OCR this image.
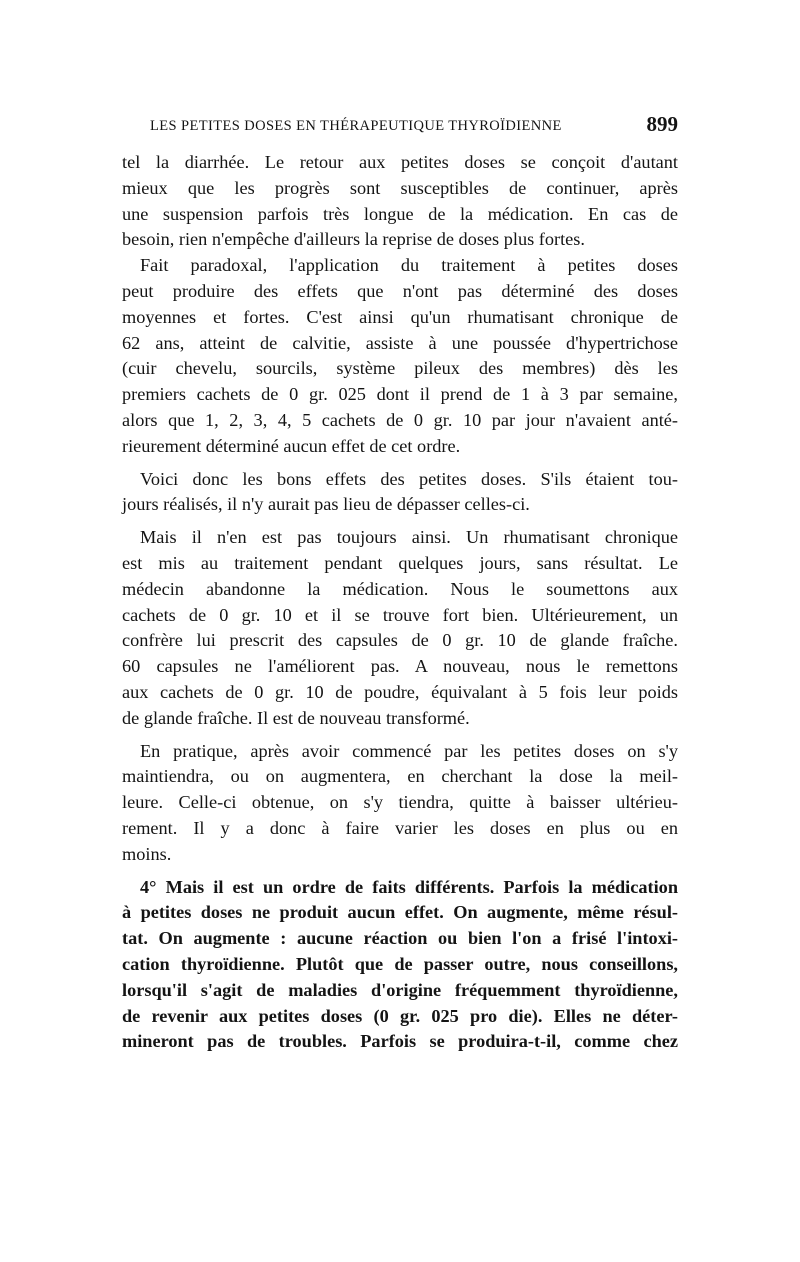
LES PETITES DOSES EN THÉRAPEUTIQUE THYROÏDIENNE	899
tel la diarrhée. Le retour aux petites doses se conçoit d'autant
mieux que les progrès sont susceptibles de continuer, après
une suspension parfois très longue de la médication. En cas de
besoin, rien n'empêche d'ailleurs la reprise de doses plus fortes.
Fait paradoxal, l'application du traitement à petites doses
peut produire des effets que n'ont pas déterminé des doses
moyennes et fortes. C'est ainsi qu'un rhumatisant chronique de
62 ans, atteint de calvitie, assiste à une poussée d'hypertrichose
(cuir chevelu, sourcils, système pileux des membres) dès les
premiers cachets de 0 gr. 025 dont il prend de 1 à 3 par semaine,
alors que 1, 2, 3, 4, 5 cachets de 0 gr. 10 par jour n'avaient anté-
rieurement déterminé aucun effet de cet ordre.
Voici donc les bons effets des petites doses. S'ils étaient tou-
jours réalisés, il n'y aurait pas lieu de dépasser celles-ci.
Mais il n'en est pas toujours ainsi. Un rhumatisant chronique
est mis au traitement pendant quelques jours, sans résultat. Le
médecin abandonne la médication. Nous le soumettons aux
cachets de 0 gr. 10 et il se trouve fort bien. Ultérieurement, un
confrère lui prescrit des capsules de 0 gr. 10 de glande fraîche.
60 capsules ne l'améliorent pas. A nouveau, nous le remettons
aux cachets de 0 gr. 10 de poudre, équivalant à 5 fois leur poids
de glande fraîche. Il est de nouveau transformé.
En pratique, après avoir commencé par les petites doses on s'y
maintiendra, ou on augmentera, en cherchant la dose la meil-
leure. Celle-ci obtenue, on s'y tiendra, quitte à baisser ultérieu-
rement. Il y a donc à faire varier les doses en plus ou en
moins.
4° Mais il est un ordre de faits différents. Parfois la médication
à petites doses ne produit aucun effet. On augmente, même résul-
tat. On augmente : aucune réaction ou bien l'on a frisé l'intoxi-
cation thyroïdienne. Plutôt que de passer outre, nous conseillons,
lorsqu'il s'agit de maladies d'origine fréquemment thyroïdienne,
de revenir aux petites doses (0 gr. 025 pro die). Elles ne déter-
mineront pas de troubles. Parfois se produira-t-il, comme chez
